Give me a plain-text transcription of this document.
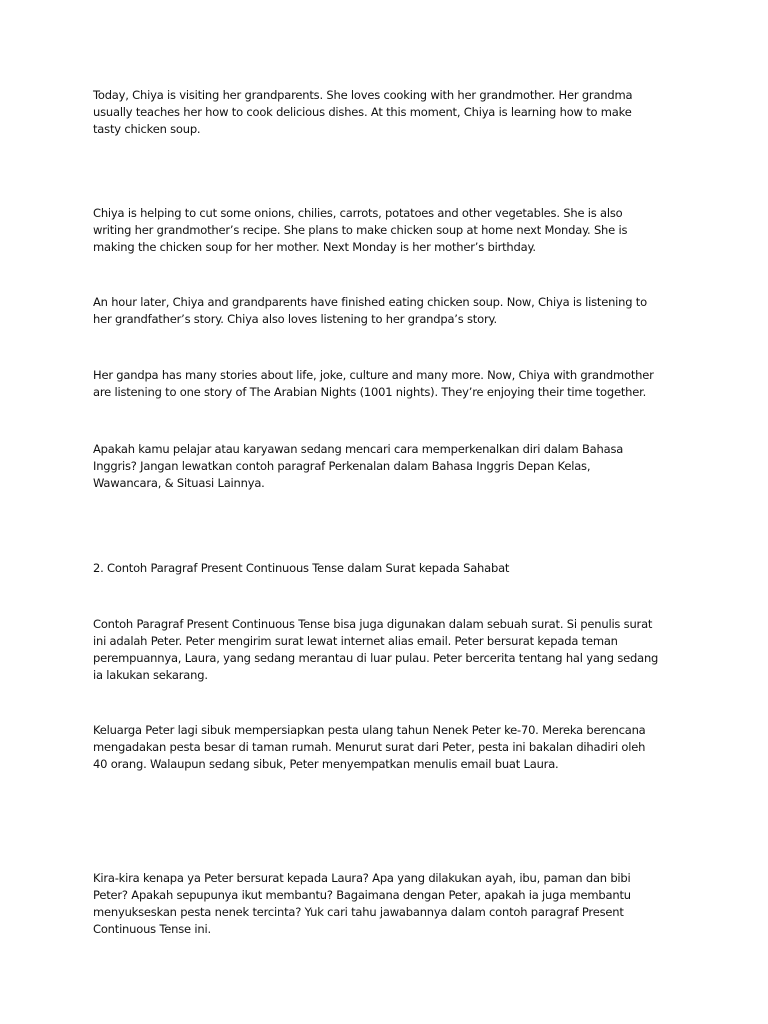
Today, Chiya is visiting her grandparents. She loves cooking with her grandmother. Her grandma
usually teaches her how to cook delicious dishes. At this moment, Chiya is learning how to make
tasty chicken soup.

Chiya is helping to cut some onions, chilies, carrots, potatoes and other vegetables. She is also
writing her grandmother’s recipe. She plans to make chicken soup at home next Monday. She is
making the chicken soup for her mother. Next Monday is her mother’s birthday.

An hour later, Chiya and grandparents have finished eating chicken soup. Now, Chiya is listening to
her grandfather’s story. Chiya also loves listening to her grandpa’s story.

Her gandpa has many stories about life, joke, culture and many more. Now, Chiya with grandmother
are listening to one story of The Arabian Nights (1001 nights). They’re enjoying their time together.

Apakah kamu pelajar atau karyawan sedang mencari cara memperkenalkan diri dalam Bahasa
Inggris? Jangan lewatkan contoh paragraf Perkenalan dalam Bahasa Inggris Depan Kelas,
Wawancara, & Situasi Lainnya.

2. Contoh Paragraf Present Continuous Tense dalam Surat kepada Sahabat

Contoh Paragraf Present Continuous Tense bisa juga digunakan dalam sebuah surat. Si penulis surat
ini adalah Peter. Peter mengirim surat lewat internet alias email. Peter bersurat kepada teman
perempuannya, Laura, yang sedang merantau di luar pulau. Peter bercerita tentang hal yang sedang
ia lakukan sekarang.

Keluarga Peter lagi sibuk mempersiapkan pesta ulang tahun Nenek Peter ke-70. Mereka berencana
mengadakan pesta besar di taman rumah. Menurut surat dari Peter, pesta ini bakalan dihadiri oleh
40 orang. Walaupun sedang sibuk, Peter menyempatkan menulis email buat Laura.

Kira-kira kenapa ya Peter bersurat kepada Laura? Apa yang dilakukan ayah, ibu, paman dan bibi
Peter? Apakah sepupunya ikut membantu? Bagaimana dengan Peter, apakah ia juga membantu
menyukseskan pesta nenek tercinta? Yuk cari tahu jawabannya dalam contoh paragraf Present
Continuous Tense ini.
